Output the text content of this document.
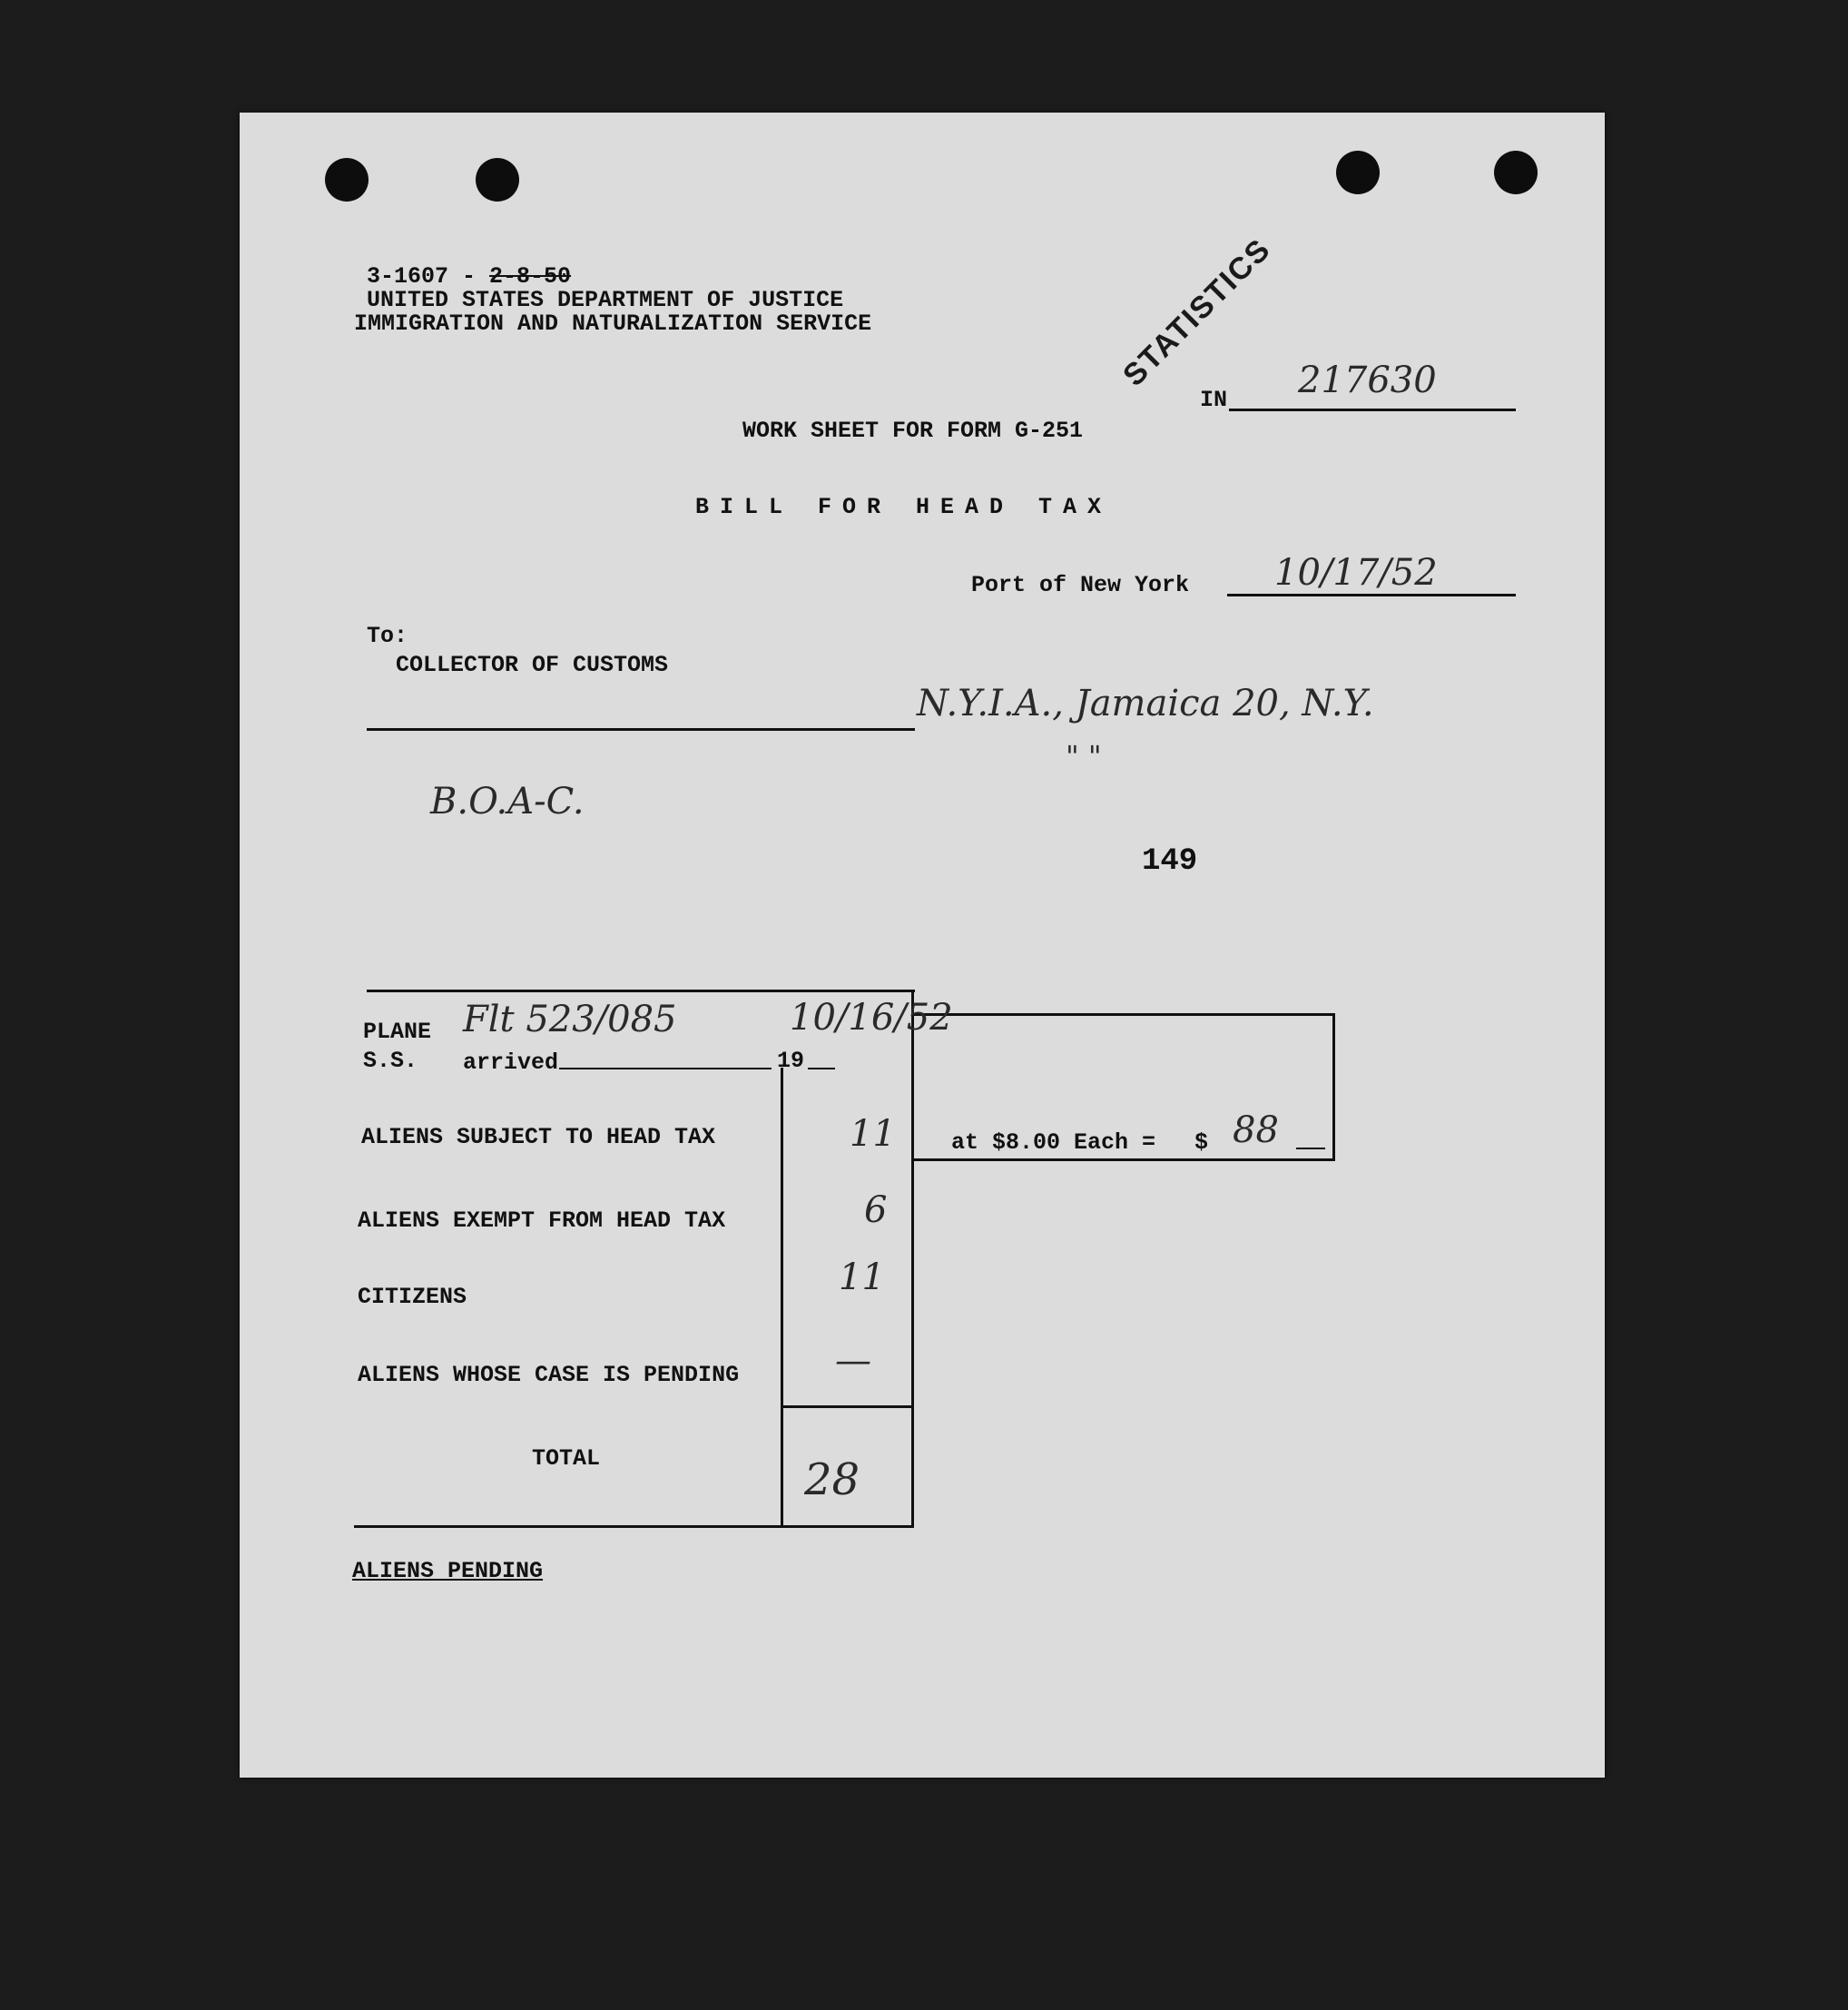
3-1607 - 2-8-50
UNITED STATES DEPARTMENT OF JUSTICE
IMMIGRATION AND NATURALIZATION SERVICE	STATISTICS
IN 217630
WORK SHEET FOR FORM G-251
BILL FOR HEAD TAX
Port of New York 10/17/52
To:
COLLECTOR OF CUSTOMS
N.Y.I.A., Jamaica 20, N.Y.
" "
B.O.A-C.
149
PLANE
S.S. arrived	19
Flt 523/085	10/16/52
ALIENS SUBJECT TO HEAD TAX	11
ALIENS EXEMPT FROM HEAD TAX	6
CITIZENS	11
ALIENS WHOSE CASE IS PENDING	—
TOTAL	28
at $8.00 Each = $ 88
ALIENS PENDING
